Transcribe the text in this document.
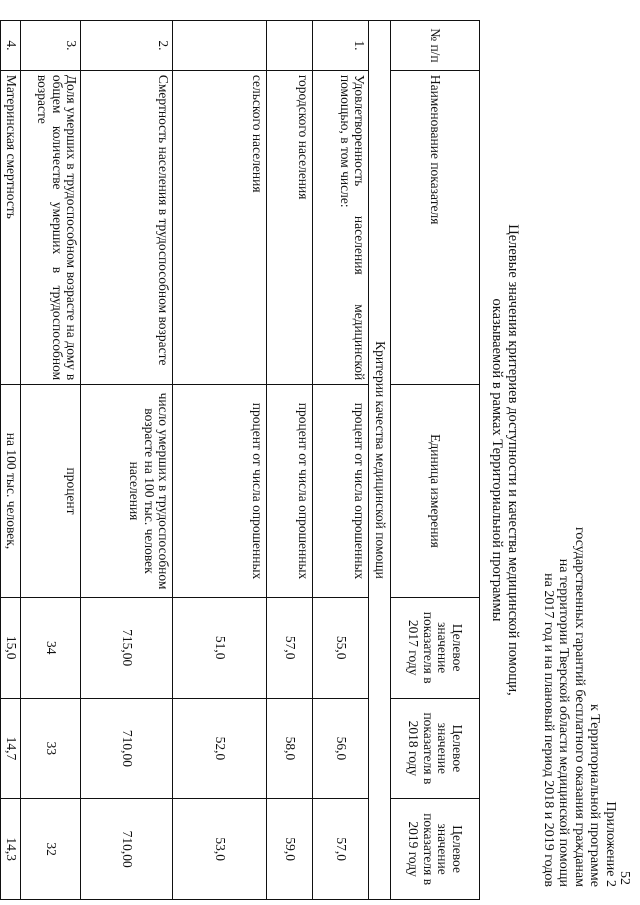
52
Приложение 2
к Территориальной программе
государственных гарантий бесплатного оказания гражданам
на территории Тверской области медицинской помощи
на 2017 год и на плановый период 2018 и 2019 годов
Целевые значения критериев доступности и качества медицинской помощи,
оказываемой в рамках Территориальной программы
№ п/п	Наименование показателя	Единица измерения	Целевое значение показателя в 2017 году	Целевое значение показателя в 2018 году	Целевое значение показателя в 2019 году
Критерии качества медицинской помощи					
1.	Удовлетворенность населения медицинской помощью, в том числе:	процент от числа опрошенных	55,0	56,0	57,0
	городского населения	процент от числа опрошенных	57,0	58,0	59,0
	сельского населения	процент от числа опрошенных	51,0	52,0	53,0
2.	Смертность населения в трудоспособном возрасте	число умерших в трудоспособном возрасте на 100 тыс. человек населения	715,00	710,00	710,00
3.	Доля умерших в трудоспособном возрасте на дому в общем количестве умерших в трудоспособном возрасте	процент	34	33	32
4.	Материнская смертность	на 100 тыс. человек,	15,0	14,7	14,3
